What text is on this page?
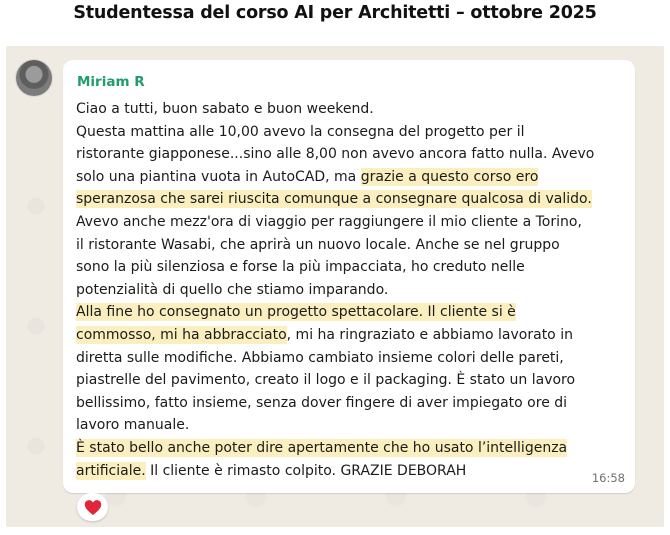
Studentessa del corso AI per Architetti – ottobre 2025
Miriam R
Ciao a tutti, buon sabato e buon weekend.
Questa mattina alle 10,00 avevo la consegna del progetto per il
ristorante giapponese...sino alle 8,00 non avevo ancora fatto nulla. Avevo
solo una piantina vuota in AutoCAD, ma grazie a questo corso ero
speranzosa che sarei riuscita comunque a consegnare qualcosa di valido.
Avevo anche mezz'ora di viaggio per raggiungere il mio cliente a Torino,
il ristorante Wasabi, che aprirà un nuovo locale. Anche se nel gruppo
sono la più silenziosa e forse la più impacciata, ho creduto nelle
potenzialità di quello che stiamo imparando.
Alla fine ho consegnato un progetto spettacolare. Il cliente si è
commosso, mi ha abbracciato, mi ha ringraziato e abbiamo lavorato in
diretta sulle modifiche. Abbiamo cambiato insieme colori delle pareti,
piastrelle del pavimento, creato il logo e il packaging. È stato un lavoro
bellissimo, fatto insieme, senza dover fingere di aver impiegato ore di
lavoro manuale.
È stato bello anche poter dire apertamente che ho usato l’intelligenza
artificiale. Il cliente è rimasto colpito. GRAZIE DEBORAH	16:58
